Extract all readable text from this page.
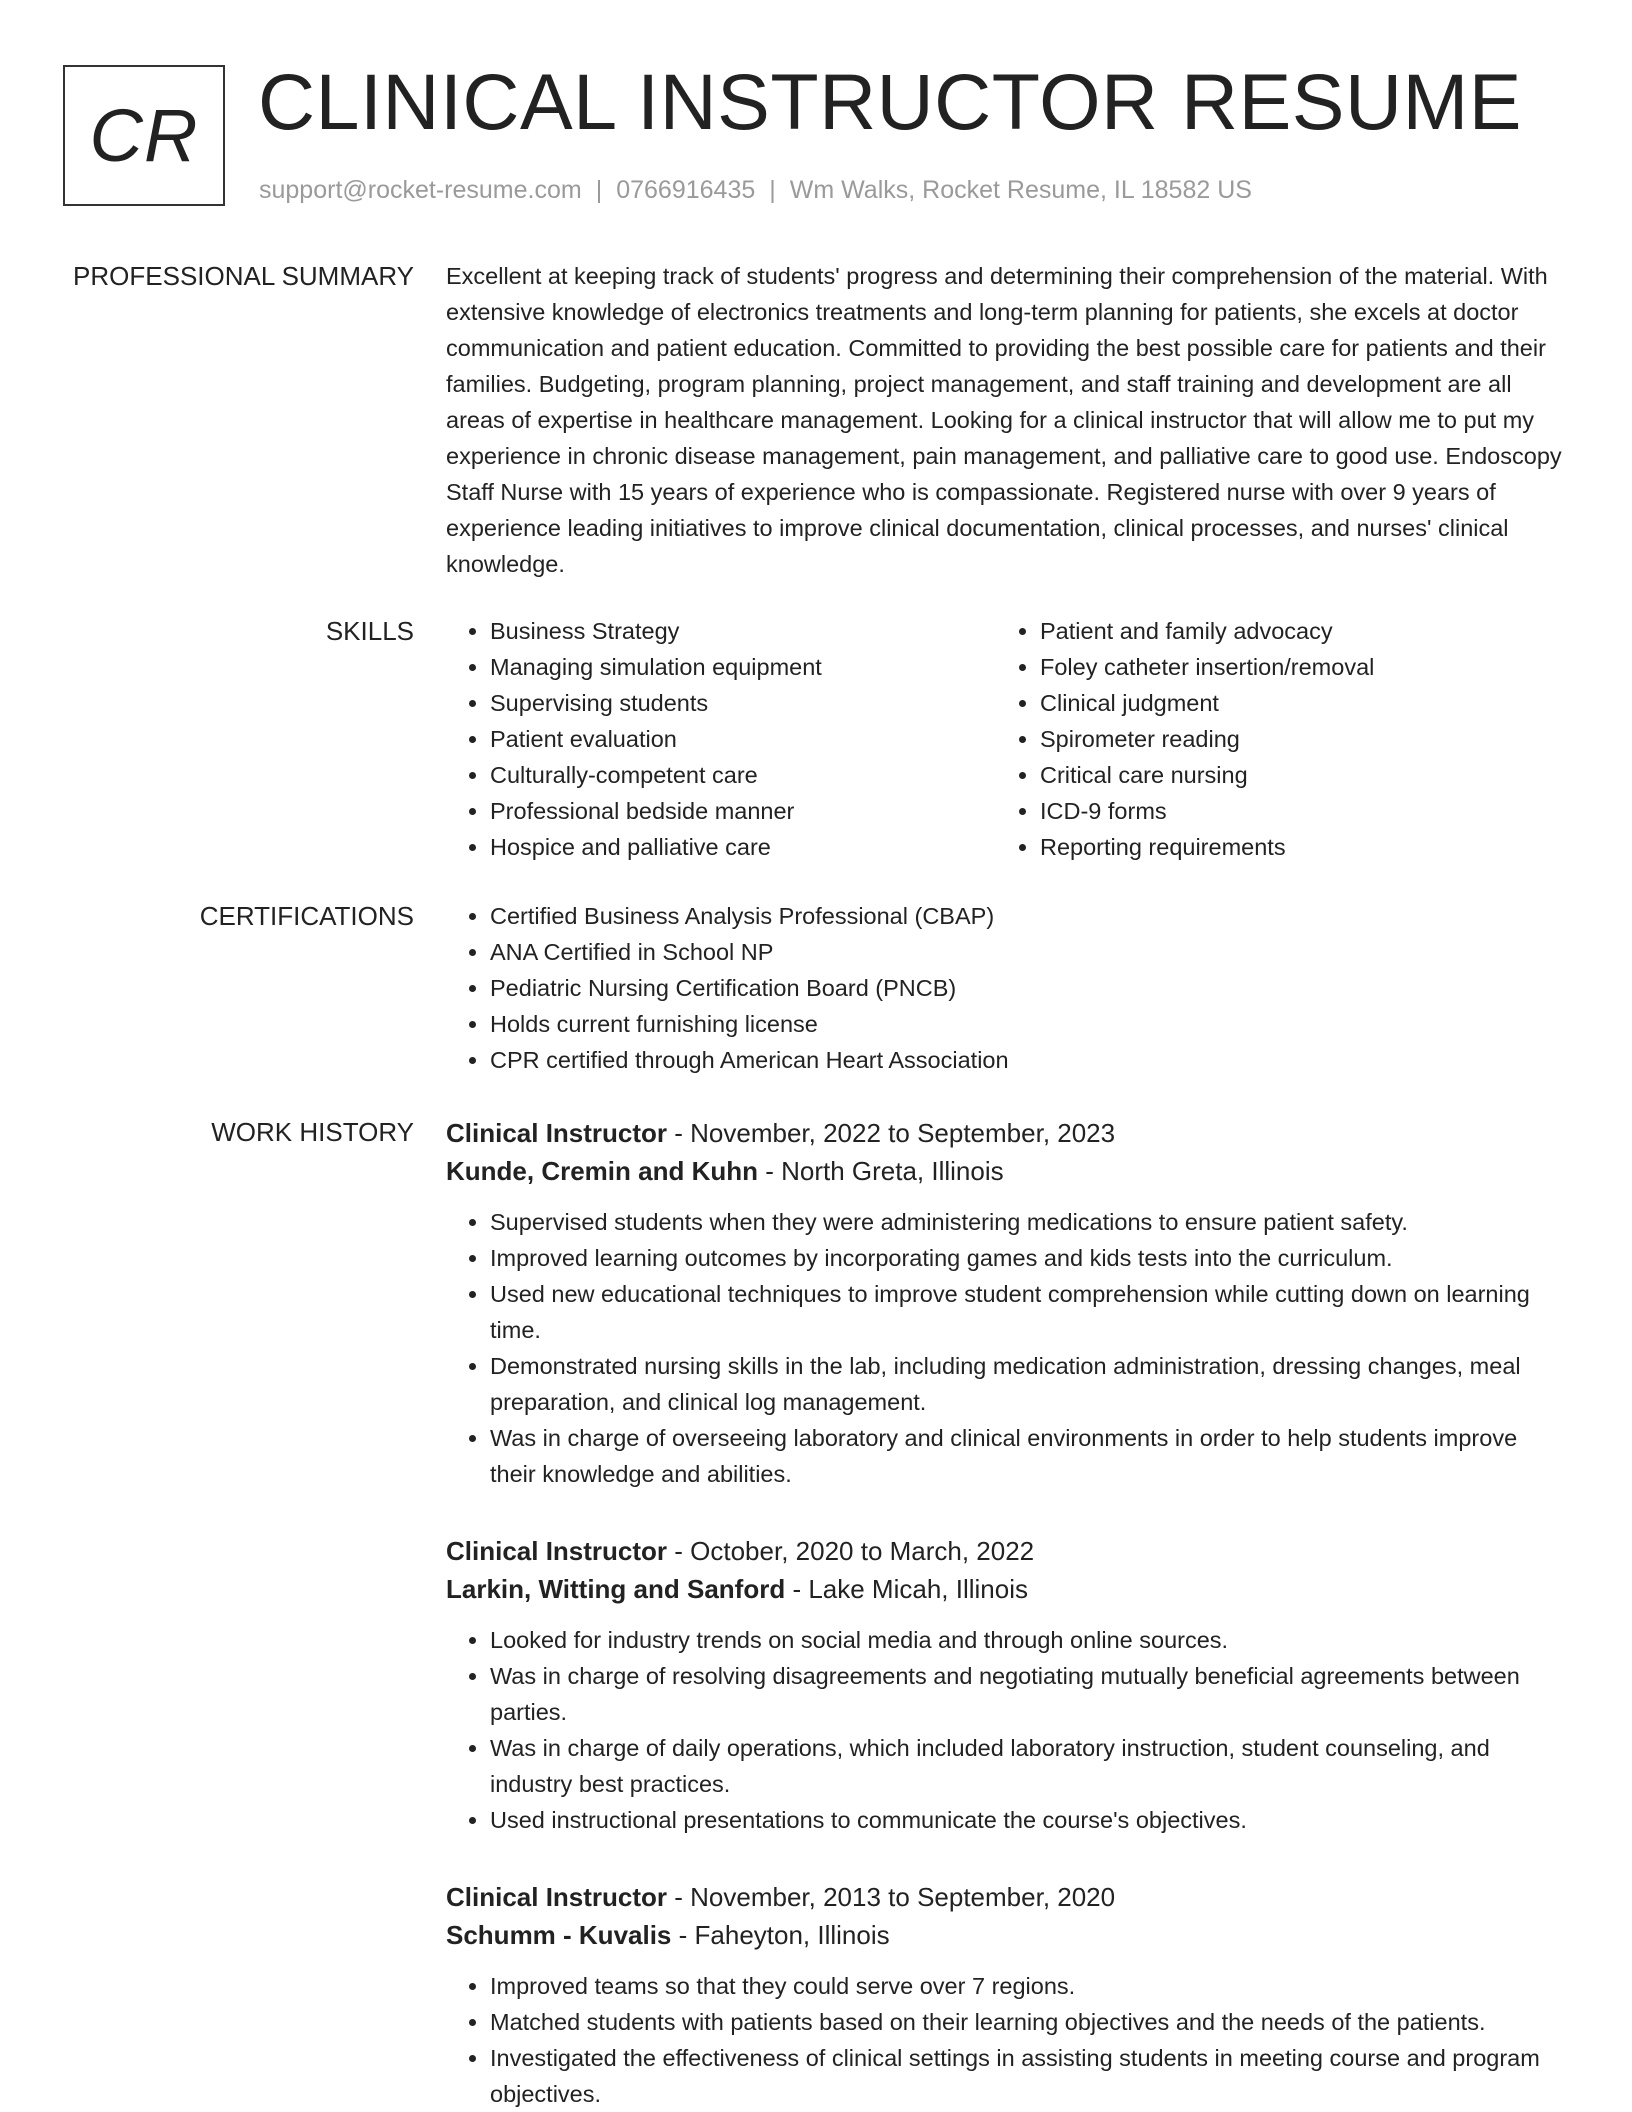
CR CLINICAL INSTRUCTOR RESUME
support@rocket-resume.com | 0766916435 | Wm Walks, Rocket Resume, IL 18582 US
PROFESSIONAL SUMMARY Excellent at keeping track of students' progress and determining their comprehension of the material. With extensive knowledge of electronics treatments and long-term planning for patients, she excels at doctor communication and patient education. Committed to providing the best possible care for patients and their families. Budgeting, program planning, project management, and staff training and development are all areas of expertise in healthcare management. Looking for a clinical instructor that will allow me to put my experience in chronic disease management, pain management, and palliative care to good use. Endoscopy Staff Nurse with 15 years of experience who is compassionate. Registered nurse with over 9 years of experience leading initiatives to improve clinical documentation, clinical processes, and nurses' clinical knowledge.

SKILLS	• Business Strategy
• Managing simulation equipment
• Supervising students
• Patient evaluation
• Culturally-competent care
• Professional bedside manner
• Hospice and palliative care
• Patient and family advocacy
• Foley catheter insertion/removal
• Clinical judgment
• Spirometer reading
• Critical care nursing
• ICD-9 forms
• Reporting requirements
CERTIFICATIONS	• Certified Business Analysis Professional (CBAP)
• ANA Certified in School NP
• Pediatric Nursing Certification Board (PNCB)
• Holds current furnishing license
• CPR certified through American Heart Association
WORK HISTORY Clinical Instructor - November, 2022 to September, 2023
Kunde, Cremin and Kuhn - North Greta, Illinois
• Supervised students when they were administering medications to ensure patient safety.
• Improved learning outcomes by incorporating games and kids tests into the curriculum.
• Used new educational techniques to improve student comprehension while cutting down on learning time.
• Demonstrated nursing skills in the lab, including medication administration, dressing changes, meal preparation, and clinical log management.
• Was in charge of overseeing laboratory and clinical environments in order to help students improve their knowledge and abilities.
Clinical Instructor - October, 2020 to March, 2022
Larkin, Witting and Sanford - Lake Micah, Illinois
• Looked for industry trends on social media and through online sources.
• Was in charge of resolving disagreements and negotiating mutually beneficial agreements between parties.
• Was in charge of daily operations, which included laboratory instruction, student counseling, and industry best practices.
• Used instructional presentations to communicate the course's objectives.
Clinical Instructor - November, 2013 to September, 2020
Schumm - Kuvalis - Faheyton, Illinois
• Improved teams so that they could serve over 7 regions.
• Matched students with patients based on their learning objectives and the needs of the patients.
• Investigated the effectiveness of clinical settings in assisting students in meeting course and program objectives.
